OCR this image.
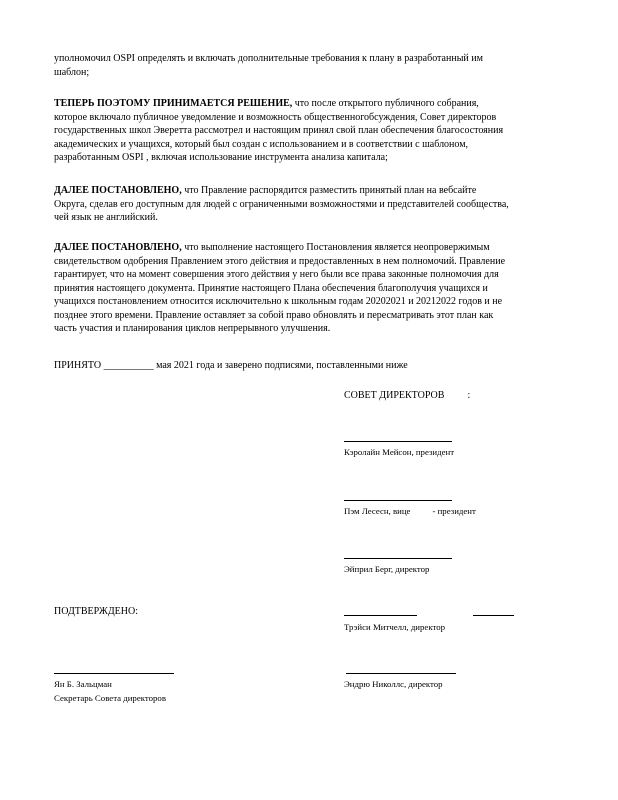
уполномочил OSPI определять и включать дополнительные требования к плану в разработанный им
шаблон;
ТЕПЕРЬ ПОЭТОМУ ПРИНИМАЕТСЯ РЕШЕНИЕ, что после открытого публичного собрания,
которое включало публичное уведомление и возможность общественногобсуждения, Совет директоров
государственных школ Эверетта рассмотрел и настоящим принял свой план обеспечения благосостояния
академических и учащихся, который был создан с использованием и в соответствии с шаблоном,
разработанным OSPI , включая использование инструмента анализа капитала;
ДАЛЕЕ ПОСТАНОВЛЕНО, что Правление распорядится разместить принятый план на вебсайте
Округа, сделав его доступным для людей с ограниченными возможностями и представителей сообщества,
чей язык не английский.
ДАЛЕЕ ПОСТАНОВЛЕНО, что выполнение настоящего Постановления является неопровержимым
свидетельством одобрения Правлением этого действия и предоставленных в нем полномочий. Правление
гарантирует, что на момент совершения этого действия у него были все права законные полномочия для
принятия настоящего документа. Принятие настоящего Плана обеспечения благополучия учащихся и
учащихся постановлением относится исключительно к школьным годам 20202021 и 20212022 годов и не
позднее этого времени. Правление оставляет за собой право обновлять и пересматривать этот план как
часть участия и планирования циклов непрерывного улучшения.
ПРИНЯТО __________ мая 2021 года и заверено подписями, поставленными ниже
СОВЕТ ДИРЕКТОРОВ :
Кэролайн Мейсон, президент
Пэм Лесесн, вице	- президент
Эйприл Берг, директор
ПОДТВЕРЖДЕНО:
Трэйси Митчелл, директор
Ян Б. Зальцман
Секретарь Совета директоров
Эндрю Николлс, директор
